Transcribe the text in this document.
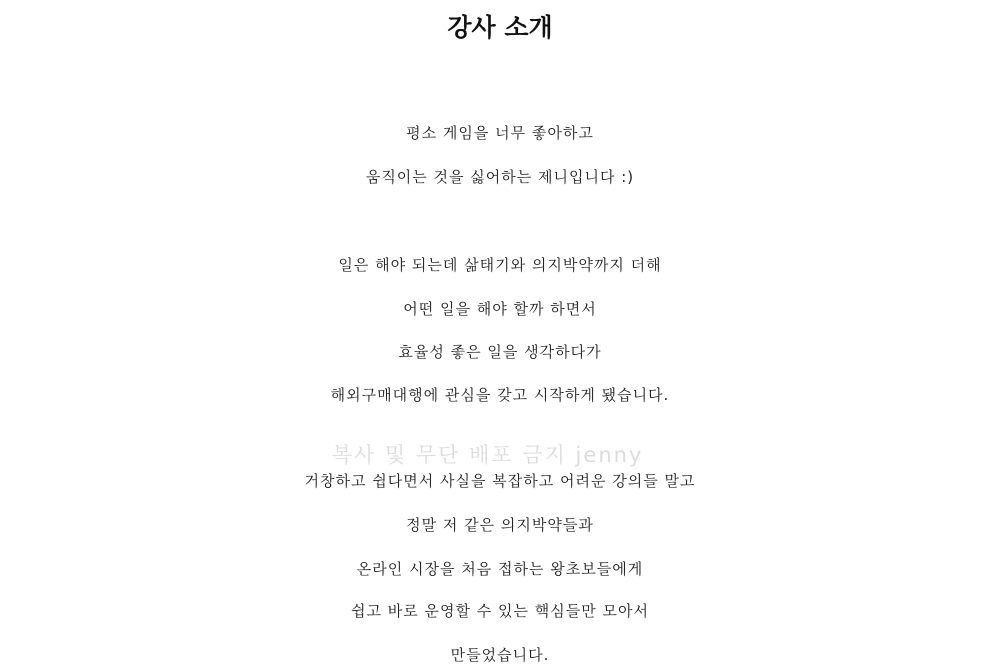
강사 소개
복사 및 무단 배포 금지 jenny
평소 게임을 너무 좋아하고
움직이는 것을 싫어하는 제니입니다 :)
일은 해야 되는데 삶태기와 의지박약까지 더해
어떤 일을 해야 할까 하면서
효율성 좋은 일을 생각하다가
해외구매대행에 관심을 갖고 시작하게 됐습니다.
거창하고 쉽다면서 사실을 복잡하고 어려운 강의들 말고
정말 저 같은 의지박약들과
온라인 시장을 처음 접하는 왕초보들에게
쉽고 바로 운영할 수 있는 핵심들만 모아서
만들었습니다.
